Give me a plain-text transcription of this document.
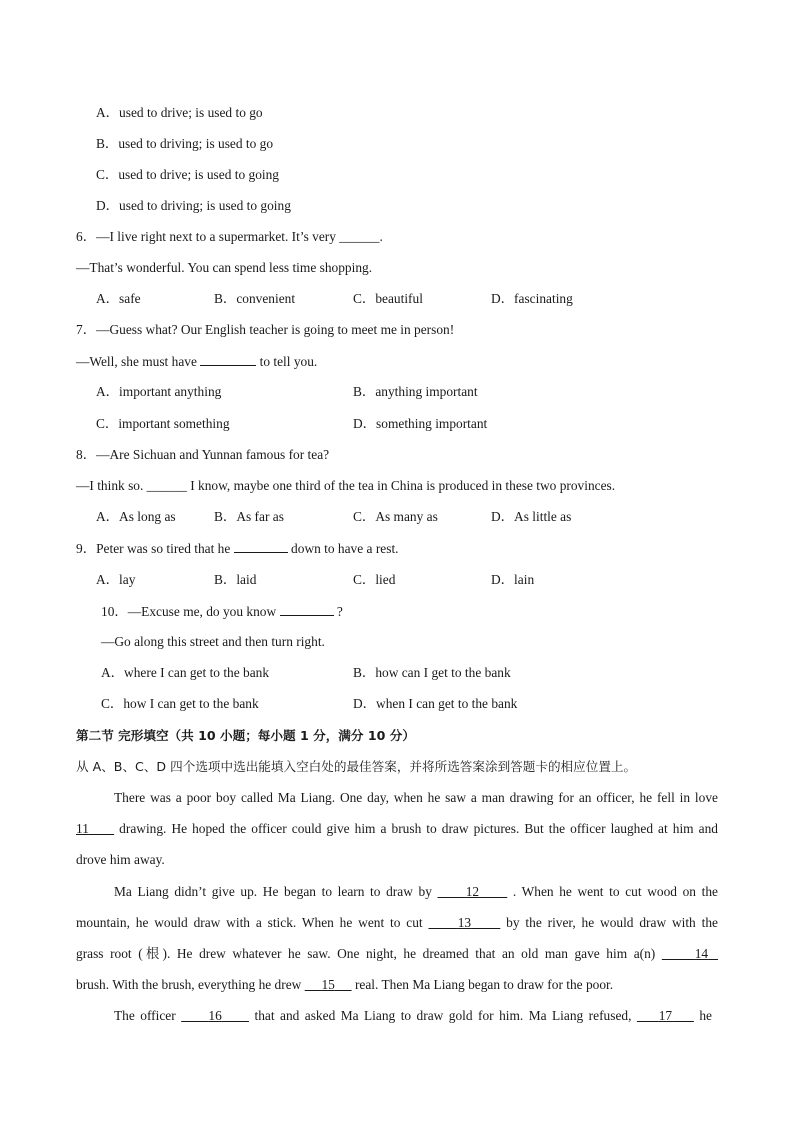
A．used to drive; is used to go
B．used to driving; is used to go
C．used to drive; is used to going
D．used to driving; is used to going
6．—I live right next to a supermarket. It’s very ______.
—That’s wonderful. You can spend less time shopping.
A．safe	B．convenient	C．beautiful	D．fascinating
7．—Guess what? Our English teacher is going to meet me in person!
—Well, she must have	to tell you.
A．important anything	B．anything important
C．important something	D．something important
8．—Are Sichuan and Yunnan famous for tea?
—I think so. ______ I know, maybe one third of the tea in China is produced in these two provinces.
A．As long as	B．As far as	C．As many as	D．As little as
9．Peter was so tired that he	down to have a rest.
A．lay	B．laid	C．lied	D．lain
10．—Excuse me, do you know	?
—Go along this street and then turn right.
A．where I can get to the bank	B．how can I get to the bank
C．how I can get to the bank	D．when I can get to the bank
第二节 完形填空（共 10 小题；每小题 1 分，满分 10 分）
从 A、B、C、D 四个选项中选出能填入空白处的最佳答案，并将所选答案涂到答题卡的相应位置上。
There was a poor boy called Ma Liang. One day, when he saw a man drawing for an officer, he fell in love
11 drawing. He hoped the officer could give him a brush to draw pictures. But the officer laughed at him and
drove him away.
Ma Liang didn’t give up. He began to learn to draw by	12	. When he went to cut wood on the
mountain, he would draw with a stick. When he went to cut	13	by the river, he would draw with the
grass root (根). He drew whatever he saw. One night, he dreamed that an old man gave him a(n)	14
brush. With the brush, everything he drew 15 real. Then Ma Liang began to draw for the poor.
The officer 16 that and asked Ma Liang to draw gold for him. Ma Liang refused, 17 he
